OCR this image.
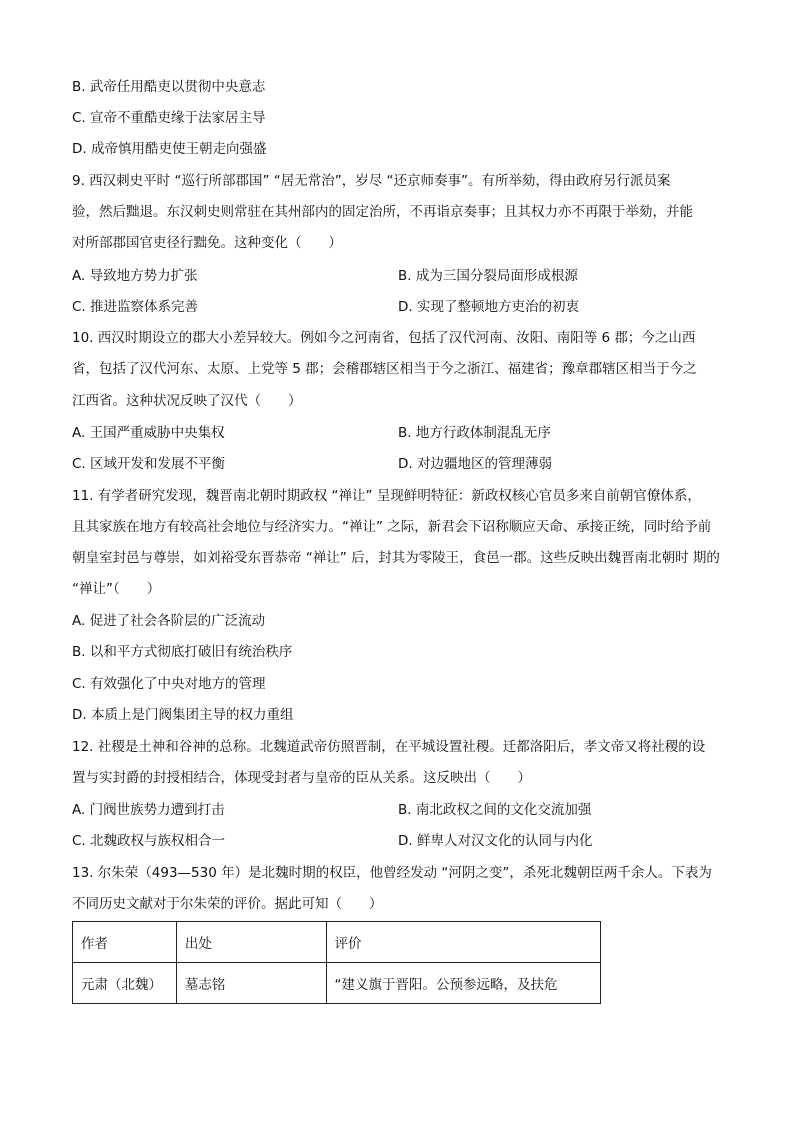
B. 武帝任用酷吏以贯彻中央意志
C. 宣帝不重酷吏缘于法家居主导
D. 成帝慎用酷吏使王朝走向强盛
9. 西汉刺史平时 “巡行所部郡国” “居无常治”，岁尽 “还京师奏事”。有所举劾，得由政府另行派员案
验，然后黜退。东汉刺史则常驻在其州部内的固定治所，不再诣京奏事；且其权力亦不再限于举劾，并能
对所部郡国官吏径行黜免。这种变化（　　）
A. 导致地方势力扩张	B. 成为三国分裂局面形成根源
C. 推进监察体系完善	D. 实现了整顿地方吏治的初衷
10. 西汉时期设立的郡大小差异较大。例如今之河南省，包括了汉代河南、汝阳、南阳等 6 郡；今之山西
省，包括了汉代河东、太原、上党等 5 郡；会稽郡辖区相当于今之浙江、福建省；豫章郡辖区相当于今之
江西省。这种状况反映了汉代（　　）
A. 王国严重威胁中央集权	B. 地方行政体制混乱无序
C. 区域开发和发展不平衡	D. 对边疆地区的管理薄弱
11. 有学者研究发现，魏晋南北朝时期政权 “禅让” 呈现鲜明特征：新政权核心官员多来自前朝官僚体系，
且其家族在地方有较高社会地位与经济实力。“禅让” 之际，新君会下诏称顺应天命、承接正统，同时给予前
朝皇室封邑与尊崇，如刘裕受东晋恭帝 “禅让” 后，封其为零陵王，食邑一郡。这些反映出魏晋南北朝时 期的
“禅让”（　　）
A. 促进了社会各阶层的广泛流动
B. 以和平方式彻底打破旧有统治秩序
C. 有效强化了中央对地方的管理
D. 本质上是门阀集团主导的权力重组
12. 社稷是土神和谷神的总称。北魏道武帝仿照晋制，在平城设置社稷。迁都洛阳后，孝文帝又将社稷的设
置与实封爵的封授相结合，体现受封者与皇帝的臣从关系。这反映出（　　）
A. 门阀世族势力遭到打击	B. 南北政权之间的文化交流加强
C. 北魏政权与族权相合一	D. 鲜卑人对汉文化的认同与内化
13. 尔朱荣（493—530 年）是北魏时期的权臣，他曾经发动 “河阴之变”，杀死北魏朝臣两千余人。下表为
不同历史文献对于尔朱荣的评价。据此可知（　　）
作者	出处	评价
元肃（北魏）	墓志铭	“建义旗于晋阳。公预参远略，及扶危
